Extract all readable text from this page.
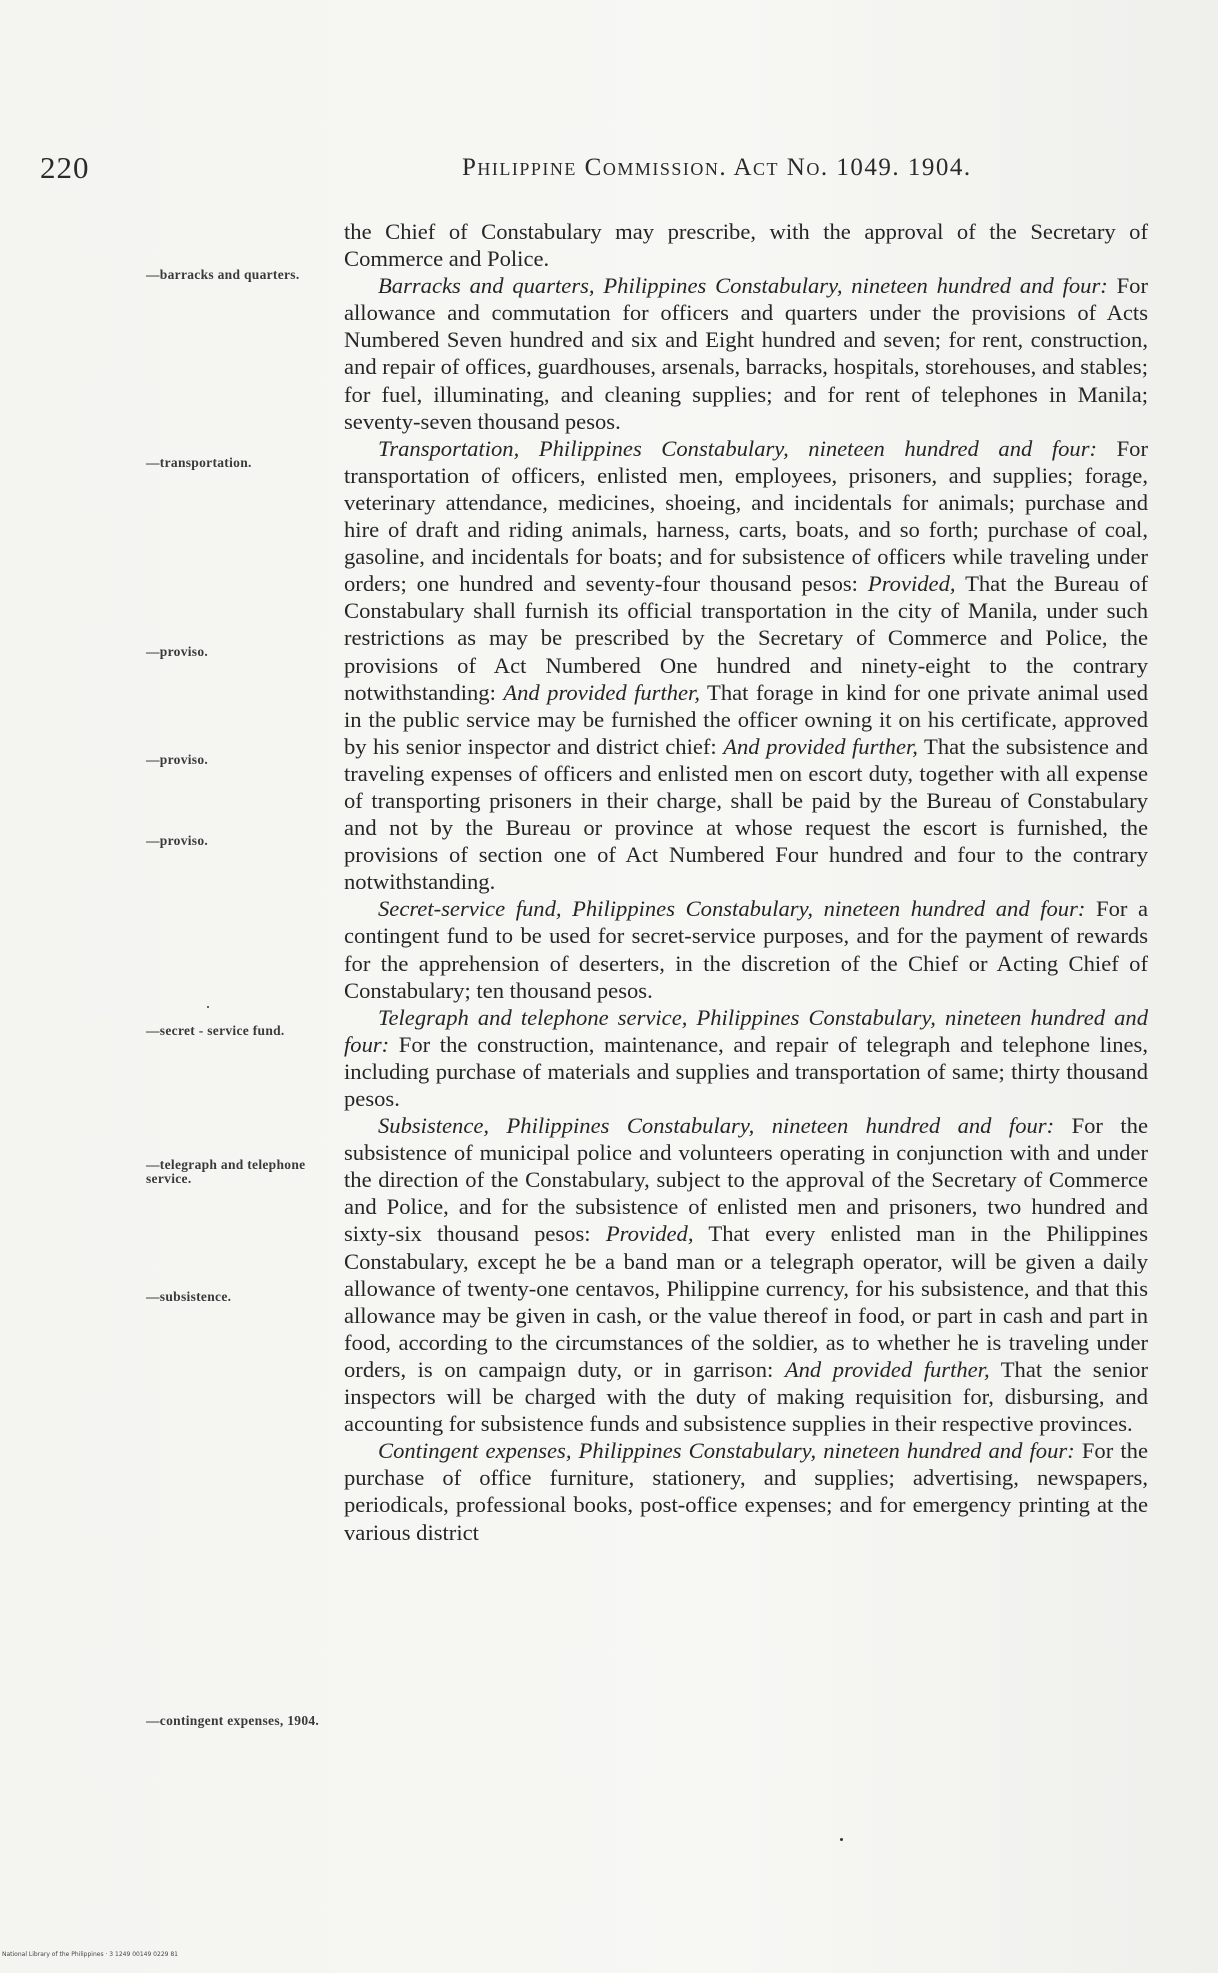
220	Philippine Commission. Act No. 1049. 1904.
—barracks and quarters.
—transportation.
—proviso.
—proviso.
—proviso.
—secret - service fund.
—telegraph and telephone service.
—subsistence.
—contingent expenses, 1904.

the Chief of Constabulary may prescribe, with the approval of the Secretary of Commerce and Police.

Barracks and quarters, Philippines Constabulary, nineteen hundred and four: For allowance and commutation for officers and quarters under the provisions of Acts Numbered Seven hundred and six and Eight hundred and seven; for rent, construction, and repair of offices, guardhouses, arsenals, barracks, hospitals, storehouses, and stables; for fuel, illuminating, and cleaning supplies; and for rent of telephones in Manila; seventy-seven thousand pesos.

Transportation, Philippines Constabulary, nineteen hundred and four: For transportation of officers, enlisted men, employees, prisoners, and supplies; forage, veterinary attendance, medicines, shoeing, and incidentals for animals; purchase and hire of draft and riding animals, harness, carts, boats, and so forth; purchase of coal, gasoline, and incidentals for boats; and for subsistence of officers while traveling under orders; one hundred and seventy-four thousand pesos: Provided, That the Bureau of Constabulary shall furnish its official transportation in the city of Manila, under such restrictions as may be prescribed by the Secretary of Commerce and Police, the provisions of Act Numbered One hundred and ninety-eight to the contrary notwithstanding: And provided further, That forage in kind for one private animal used in the public service may be furnished the officer owning it on his certificate, approved by his senior inspector and district chief: And provided further, That the subsistence and traveling expenses of officers and enlisted men on escort duty, together with all expense of transporting prisoners in their charge, shall be paid by the Bureau of Constabulary and not by the Bureau or province at whose request the escort is furnished, the provisions of section one of Act Numbered Four hundred and four to the contrary notwithstanding.

Secret-service fund, Philippines Constabulary, nineteen hundred and four: For a contingent fund to be used for secret-service purposes, and for the payment of rewards for the apprehension of deserters, in the discretion of the Chief or Acting Chief of Constabulary; ten thousand pesos.

Telegraph and telephone service, Philippines Constabulary, nineteen hundred and four: For the construction, maintenance, and repair of telegraph and telephone lines, including purchase of materials and supplies and transportation of same; thirty thousand pesos.

Subsistence, Philippines Constabulary, nineteen hundred and four: For the subsistence of municipal police and volunteers operating in conjunction with and under the direction of the Constabulary, subject to the approval of the Secretary of Commerce and Police, and for the subsistence of enlisted men and prisoners, two hundred and sixty-six thousand pesos: Provided, That every enlisted man in the Philippines Constabulary, except he be a band man or a telegraph operator, will be given a daily allowance of twenty-one centavos, Philippine currency, for his subsistence, and that this allowance may be given in cash, or the value thereof in food, or part in cash and part in food, according to the circumstances of the soldier, as to whether he is traveling under orders, is on campaign duty, or in garrison: And provided further, That the senior inspectors will be charged with the duty of making requisition for, disbursing, and accounting for subsistence funds and subsistence supplies in their respective provinces.

Contingent expenses, Philippines Constabulary, nineteen hundred and four: For the purchase of office furniture, stationery, and supplies; advertising, newspapers, periodicals, professional books, post-office expenses; and for emergency printing at the various district

National Library of the Philippines · 3 1249 00149 0229 81
